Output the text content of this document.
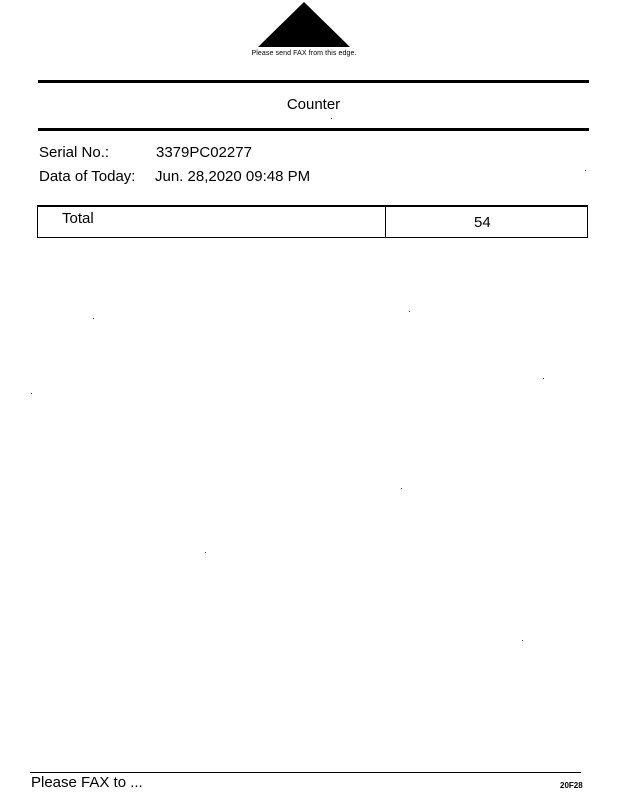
Please send FAX from this edge.
Counter
Serial No.:	3379PC02277
Data of Today: Jun. 28,2020 09:48 PM
Total	54
Please FAX to ...	20F28
